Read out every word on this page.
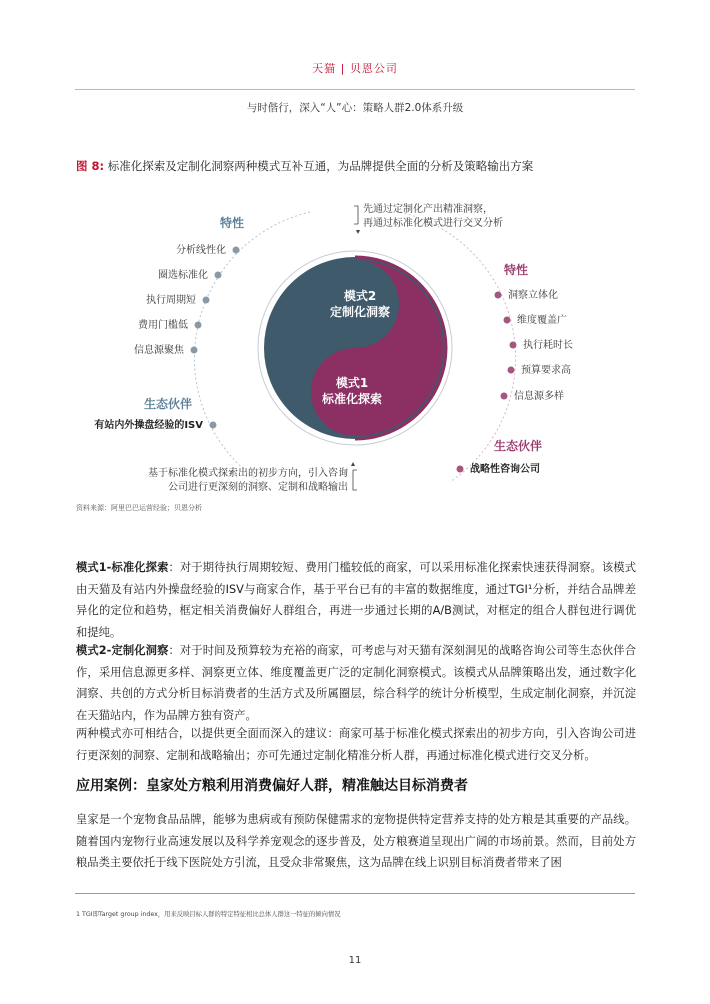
天猫 | 贝恩公司
与时偕行，深入“人”心：策略人群2.0体系升级
图 8: 标准化探索及定制化洞察两种模式互补互通，为品牌提供全面的分析及策略输出方案
模式2
定制化洞察
模式1
标准化探索
先通过定制化产出精准洞察，
再通过标准化模式进行交叉分析
基于标准化模式探索出的初步方向，引入咨询
公司进行更深刻的洞察、定制和战略输出
特性
分析线性化
圈选标准化
执行周期短
费用门槛低
信息源聚焦
生态伙伴
有站内外操盘经验的ISV
特性
洞察立体化
维度覆盖广
执行耗时长
预算要求高
信息源多样
生态伙伴
战略性咨询公司
资料来源：阿里巴巴运营经验；贝恩分析
模式1-标准化探索：对于期待执行周期较短、费用门槛较低的商家，可以采用标准化探索快速获得洞察。该模式由天猫及有站内外操盘经验的ISV与商家合作，基于平台已有的丰富的数据维度，通过TGI¹分析，并结合品牌差异化的定位和趋势，框定相关消费偏好人群组合，再进一步通过长期的A/B测试，对框定的组合人群包进行调优和提纯。
模式2-定制化洞察：对于时间及预算较为充裕的商家，可考虑与对天猫有深刻洞见的战略咨询公司等生态伙伴合作，采用信息源更多样、洞察更立体、维度覆盖更广泛的定制化洞察模式。该模式从品牌策略出发，通过数字化洞察、共创的方式分析目标消费者的生活方式及所属圈层，综合科学的统计分析模型，生成定制化洞察，并沉淀在天猫站内，作为品牌方独有资产。
两种模式亦可相结合，以提供更全面而深入的建议：商家可基于标准化模式探索出的初步方向，引入咨询公司进行更深刻的洞察、定制和战略输出；亦可先通过定制化精准分析人群，再通过标准化模式进行交叉分析。
应用案例：皇家处方粮利用消费偏好人群，精准触达目标消费者
皇家是一个宠物食品品牌，能够为患病或有预防保健需求的宠物提供特定营养支持的处方粮是其重要的产品线。随着国内宠物行业高速发展以及科学养宠观念的逐步普及，处方粮赛道呈现出广阔的市场前景。然而，目前处方粮品类主要依托于线下医院处方引流，且受众非常聚焦，这为品牌在线上识别目标消费者带来了困
1 TGI即Target group index，用来反映目标人群的特定特征相比总体人群这一特征的倾向情况
11
